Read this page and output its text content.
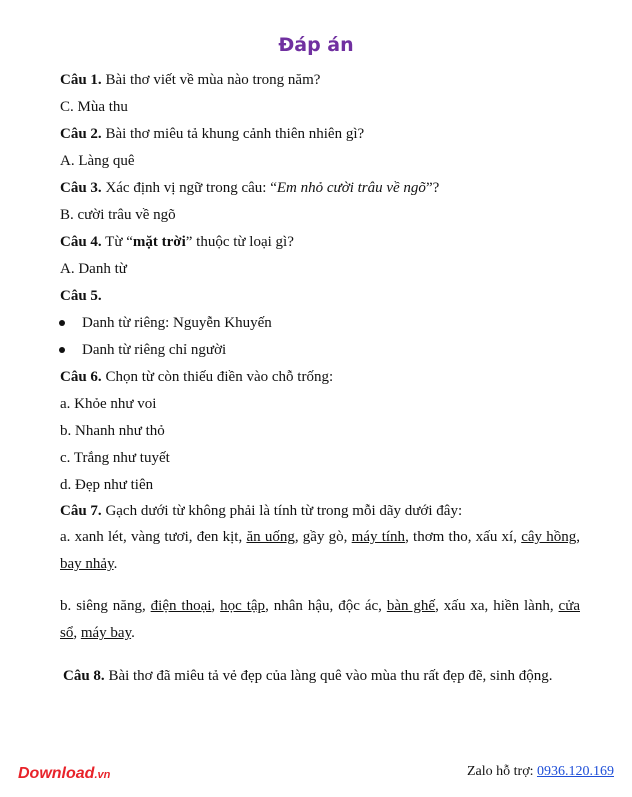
Đáp án
Câu 1. Bài thơ viết về mùa nào trong năm?
C. Mùa thu
Câu 2. Bài thơ miêu tả khung cảnh thiên nhiên gì?
A. Làng quê
Câu 3. Xác định vị ngữ trong câu: “Em nhỏ cười trâu về ngõ”?
B. cười trâu về ngõ
Câu 4. Từ “mặt trời” thuộc từ loại gì?
A. Danh từ
Câu 5.
Danh từ riêng: Nguyễn Khuyến
Danh từ riêng chỉ người
Câu 6. Chọn từ còn thiếu điền vào chỗ trống:
a. Khỏe như voi
b. Nhanh như thỏ
c. Trắng như tuyết
d. Đẹp như tiên
Câu 7. Gạch dưới từ không phải là tính từ trong mỗi dãy dưới đây:
a. xanh lét, vàng tươi, đen kịt, ăn uống, gầy gò, máy tính, thơm tho, xấu xí, cây hồng, bay nhảy.
b. siêng năng, điện thoại, học tập, nhân hậu, độc ác, bàn ghế, xấu xa, hiền lành, cửa sổ, máy bay.
Câu 8. Bài thơ đã miêu tả vẻ đẹp của làng quê vào mùa thu rất đẹp đẽ, sinh động.
Download.vn	Zalo hỗ trợ: 0936.120.169
